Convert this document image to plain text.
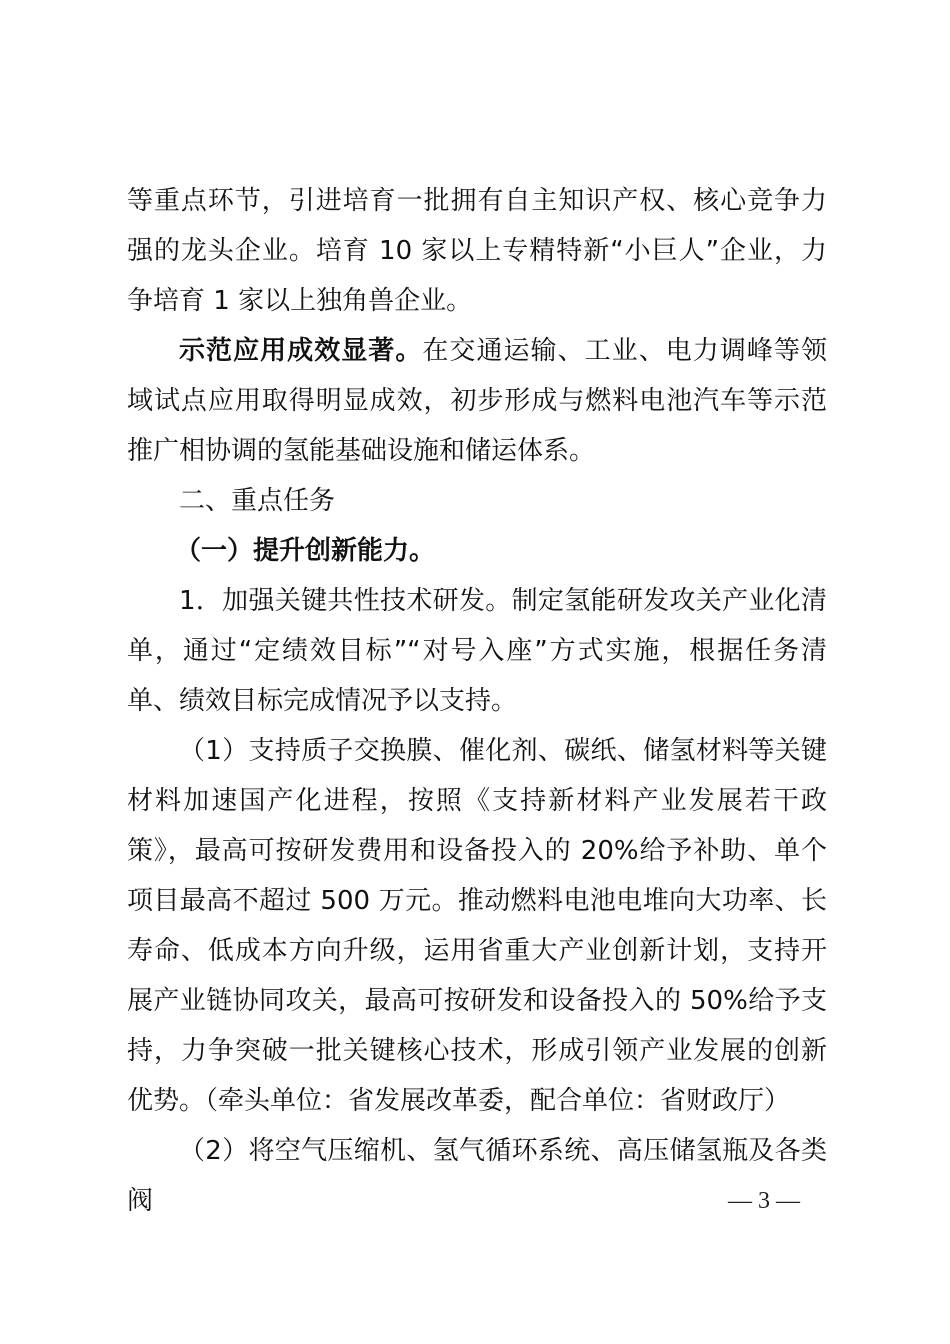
等重点环节，引进培育一批拥有自主知识产权、核心竞争力强的龙头企业。培育 10 家以上专精特新“小巨人”企业，力争培育 1 家以上独角兽企业。

示范应用成效显著。在交通运输、工业、电力调峰等领域试点应用取得明显成效，初步形成与燃料电池汽车等示范推广相协调的氢能基础设施和储运体系。

二、重点任务

（一）提升创新能力。

1．加强关键共性技术研发。制定氢能研发攻关产业化清单，通过“定绩效目标”“对号入座”方式实施，根据任务清单、绩效目标完成情况予以支持。

（1）支持质子交换膜、催化剂、碳纸、储氢材料等关键材料加速国产化进程，按照《支持新材料产业发展若干政策》，最高可按研发费用和设备投入的 20%给予补助、单个项目最高不超过 500 万元。推动燃料电池电堆向大功率、长寿命、低成本方向升级，运用省重大产业创新计划，支持开展产业链协同攻关，最高可按研发和设备投入的 50%给予支持，力争突破一批关键核心技术，形成引领产业发展的创新优势。（牵头单位：省发展改革委，配合单位：省财政厅）

（2）将空气压缩机、氢气循环系统、高压储氢瓶及各类阀	— 3 —
